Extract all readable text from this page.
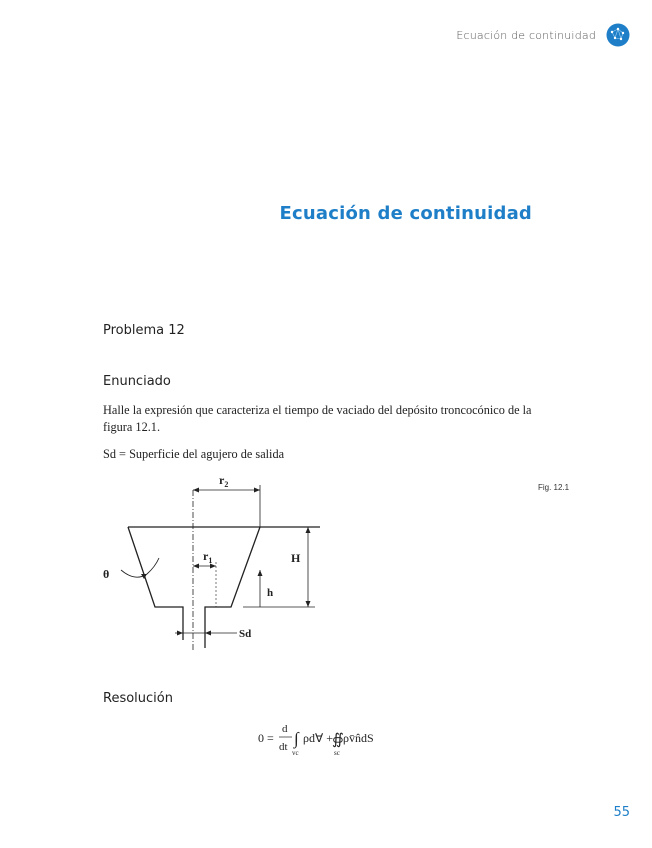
Ecuación de continuidad
Ecuación de continuidad
Problema 12
Enunciado

Halle la expresión que caracteriza el tiempo de vaciado del depósito troncocónico de la figura 12.1.

Sd = Superficie del agujero de salida

Fig. 12.1
$r_2$
$r_1$	H
h
θ
Sd
Resolución
0 =
d
dt ∫
vc
ρd∀ + ∯
sc
ρv̄n̂dS
55
